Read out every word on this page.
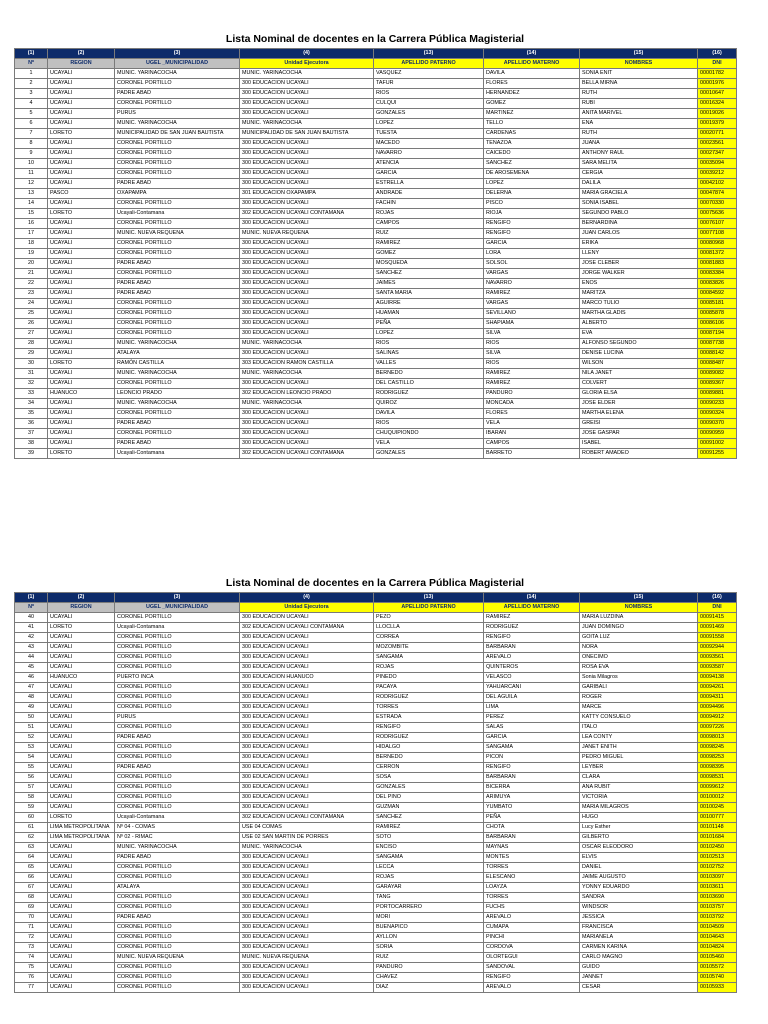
Lista Nominal de docentes en la Carrera Pública Magisterial
(1)	(2)	(3)	(4)	(13)	(14)	(15)	(16)
Nº	REGION	UGEL _MUNICIPALIDAD	Unidad Ejecutora	APELLIDO PATERNO	APELLIDO MATERNO	NOMBRES	DNI
1	UCAYALI	MUNIC. YARINACOCHA	MUNIC. YARINACOCHA	VASQUEZ	DAVILA	SONIA ENIT	00001782
2	UCAYALI	CORONEL PORTILLO	300 EDUCACION UCAYALI	TAFUR	FLORES	BELLA MIRNA	00001976
3	UCAYALI	PADRE ABAD	300 EDUCACION UCAYALI	RIOS	HERNANDEZ	RUTH	00010647
4	UCAYALI	CORONEL PORTILLO	300 EDUCACION UCAYALI	CULQUI	GOMEZ	RUBI	00016324
5	UCAYALI	PURUS	300 EDUCACION UCAYALI	GONZALES	MARTINEZ	ANITA MARIVEL	00019026
6	UCAYALI	MUNIC. YARINACOCHA	MUNIC. YARINACOCHA	LOPEZ	TELLO	ENA	00019379
7	LORETO	MUNICIPALIDAD DE SAN JUAN BAUTISTA	MUNICIPALIDAD DE SAN JUAN BAUTISTA	TUESTA	CARDENAS	RUTH	00020771
8	UCAYALI	CORONEL PORTILLO	300 EDUCACION UCAYALI	MACEDO	TENAZOA	JUANA	00023561
9	UCAYALI	CORONEL PORTILLO	300 EDUCACION UCAYALI	NAVARRO	CAICEDO	ANTHONY RAUL	00027347
10	UCAYALI	CORONEL PORTILLO	300 EDUCACION UCAYALI	ATENCIA	SANCHEZ	SARA MELITA	00035094
11	UCAYALI	CORONEL PORTILLO	300 EDUCACION UCAYALI	GARCIA	DE AROSEMENA	CERGIA	00039212
12	UCAYALI	PADRE ABAD	300 EDUCACION UCAYALI	ESTRELLA	LOPEZ	DALILA	00042102
13	PASCO	OXAPAMPA	301 EDUCACION OXAPAMPA	ANDRADE	DELERNA	MARIA GRACIELA	00047874
14	UCAYALI	CORONEL PORTILLO	300 EDUCACION UCAYALI	FACHIN	PISCO	SONIA ISABEL	00070330
15	LORETO	Ucayali-Contamana	302 EDUCACION UCAYALI CONTAMANA	ROJAS	RIOJA	SEGUNDO PABLO	00075636
16	UCAYALI	CORONEL PORTILLO	300 EDUCACION UCAYALI	CAMPOS	RENGIFO	BERNARDINA	00076107
17	UCAYALI	MUNIC. NUEVA REQUENA	MUNIC. NUEVA REQUENA	RUIZ	RENGIFO	JUAN CARLOS	00077108
18	UCAYALI	CORONEL PORTILLO	300 EDUCACION UCAYALI	RAMIREZ	GARCIA	ERIKA	00080968
19	UCAYALI	CORONEL PORTILLO	300 EDUCACION UCAYALI	GOMEZ	LORA	LLENY	00081372
20	UCAYALI	PADRE ABAD	300 EDUCACION UCAYALI	MOSQUEDA	SOLSOL	JOSE CLEBER	00081883
21	UCAYALI	CORONEL PORTILLO	300 EDUCACION UCAYALI	SANCHEZ	VARGAS	JORGE WALKER	00083384
22	UCAYALI	PADRE ABAD	300 EDUCACION UCAYALI	JAIMES	NAVARRO	ENOS	00083826
23	UCAYALI	PADRE ABAD	300 EDUCACION UCAYALI	SANTA MARIA	RAMIREZ	MARITZA	00084592
24	UCAYALI	CORONEL PORTILLO	300 EDUCACION UCAYALI	AGUIRRE	VARGAS	MARCO TULIO	00085181
25	UCAYALI	CORONEL PORTILLO	300 EDUCACION UCAYALI	HUAMAN	SEVILLANO	MARTHA GLADIS	00085878
26	UCAYALI	CORONEL PORTILLO	300 EDUCACION UCAYALI	PEÑA	SHAPIAMA	ALBERTO	00086106
27	UCAYALI	CORONEL PORTILLO	300 EDUCACION UCAYALI	LOPEZ	SILVA	EVA	00087194
28	UCAYALI	MUNIC. YARINACOCHA	MUNIC. YARINACOCHA	RIOS	RIOS	ALFONSO SEGUNDO	00087738
29	UCAYALI	ATALAYA	300 EDUCACION UCAYALI	SALINAS	SILVA	DENISE LUCINA	00088142
30	LORETO	RAMÓN CASTILLA	303 EDUCACION RAMON CASTILLA	VALLES	RIOS	WILSON	00088487
31	UCAYALI	MUNIC. YARINACOCHA	MUNIC. YARINACOCHA	BERNEDO	RAMIREZ	NILA JANET	00089082
32	UCAYALI	CORONEL PORTILLO	300 EDUCACION UCAYALI	DEL CASTILLO	RAMIREZ	COLVERT	00089367
33	HUANUCO	LEONCIO PRADO	302 EDUCACION LEONCIO PRADO	RODRIGUEZ	PANDURO	GLORIA ELSA	00089881
34	UCAYALI	MUNIC. YARINACOCHA	MUNIC. YARINACOCHA	QUIROZ	MONCADA	JOSE ELDER	00090233
35	UCAYALI	CORONEL PORTILLO	300 EDUCACION UCAYALI	DAVILA	FLORES	MARTHA ELENA	00090324
36	UCAYALI	PADRE ABAD	300 EDUCACION UCAYALI	RIOS	VELA	GREISI	00090370
37	UCAYALI	CORONEL PORTILLO	300 EDUCACION UCAYALI	CHUQUIPIONDO	IBARAN	JOSE GASPAR	00090959
38	UCAYALI	PADRE ABAD	300 EDUCACION UCAYALI	VELA	CAMPOS	ISABEL	00091002
39	LORETO	Ucayali-Contamana	302 EDUCACION UCAYALI CONTAMANA	GONZALES	BARRETO	ROBERT AMADEO	00091255
Lista Nominal de docentes en la Carrera Pública Magisterial
(1)	(2)	(3)	(4)	(13)	(14)	(15)	(16)
Nº	REGION	UGEL _MUNICIPALIDAD	Unidad Ejecutora	APELLIDO PATERNO	APELLIDO MATERNO	NOMBRES	DNI
40	UCAYALI	CORONEL PORTILLO	300 EDUCACION UCAYALI	PEZO	RAMIREZ	MARIA LUZDINA	00091415
41	LORETO	Ucayali-Contamana	302 EDUCACION UCAYALI CONTAMANA	LLOCLLA	RODRIGUEZ	JUAN DOMINGO	00091469
42	UCAYALI	CORONEL PORTILLO	300 EDUCACION UCAYALI	CORREA	RENGIFO	GOITA LUZ	00091558
43	UCAYALI	CORONEL PORTILLO	300 EDUCACION UCAYALI	MOZOMBITE	BARBARAN	NORA	00092944
44	UCAYALI	CORONEL PORTILLO	300 EDUCACION UCAYALI	SANGAMA	AREVALO	ONECIMO	00093561
45	UCAYALI	CORONEL PORTILLO	300 EDUCACION UCAYALI	ROJAS	QUINTEROS	ROSA EVA	00093587
46	HUANUCO	PUERTO INCA	300 EDUCACION HUANUCO	PINEDO	VELASCO	Sonia Milagros	00094138
47	UCAYALI	CORONEL PORTILLO	300 EDUCACION UCAYALI	PACAYA	YAHUARCANI	GARIBALI	00094261
48	UCAYALI	CORONEL PORTILLO	300 EDUCACION UCAYALI	RODRIGUEZ	DEL AGUILA	ROGER	00094311
49	UCAYALI	CORONEL PORTILLO	300 EDUCACION UCAYALI	TORRES	LIMA	MARCE	00094496
50	UCAYALI	PURUS	300 EDUCACION UCAYALI	ESTRADA	PEREZ	KATTY CONSUELO	00094912
51	UCAYALI	CORONEL PORTILLO	300 EDUCACION UCAYALI	RENGIFO	SALAS	ITALO	00097226
52	UCAYALI	PADRE ABAD	300 EDUCACION UCAYALI	RODRIGUEZ	GARCIA	LEA CONTY	00098013
53	UCAYALI	CORONEL PORTILLO	300 EDUCACION UCAYALI	HIDALGO	SANGAMA	JANET ENITH	00098245
54	UCAYALI	CORONEL PORTILLO	300 EDUCACION UCAYALI	BERNEDO	PICON	PEDRO MIGUEL	00098253
55	UCAYALI	PADRE ABAD	300 EDUCACION UCAYALI	CERRON	RENGIFO	LEYBER	00098395
56	UCAYALI	CORONEL PORTILLO	300 EDUCACION UCAYALI	SOSA	BARBARAN	CLARA	00098531
57	UCAYALI	CORONEL PORTILLO	300 EDUCACION UCAYALI	GONZALES	BICERRA	ANA RUBIT	00099612
58	UCAYALI	CORONEL PORTILLO	300 EDUCACION UCAYALI	DEL PINO	ARIMUYA	VICTORIA	00100012
59	UCAYALI	CORONEL PORTILLO	300 EDUCACION UCAYALI	GUZMAN	YUMBATO	MARIA MILAGROS	00100245
60	LORETO	Ucayali-Contamana	302 EDUCACION UCAYALI CONTAMANA	SANCHEZ	PEÑA	HUGO	00100777
61	LIMA METROPOLITANA	Nº 04 - COMAS	USE 04 COMAS	RAMIREZ	CHOTA	Lucy Esther	00101148
62	LIMA METROPOLITANA	Nº 02 - RIMAC	USE 02 SAN MARTIN DE PORRES	SOTO	BARBARAN	GILBERTO	00101684
63	UCAYALI	MUNIC. YARINACOCHA	MUNIC. YARINACOCHA	ENCISO	MAYNAS	OSCAR ELEODORO	00102450
64	UCAYALI	PADRE ABAD	300 EDUCACION UCAYALI	SANGAMA	MONTES	ELVIS	00102513
65	UCAYALI	CORONEL PORTILLO	300 EDUCACION UCAYALI	LECCA	TORRES	DANIEL	00102752
66	UCAYALI	CORONEL PORTILLO	300 EDUCACION UCAYALI	ROJAS	ELESCANO	JAIME AUGUSTO	00103097
67	UCAYALI	ATALAYA	300 EDUCACION UCAYALI	GARAYAR	LOAYZA	YONNY EDUARDO	00103611
68	UCAYALI	CORONEL PORTILLO	300 EDUCACION UCAYALI	TANG	TORRES	SANDRA	00103690
69	UCAYALI	CORONEL PORTILLO	300 EDUCACION UCAYALI	PORTOCARRERO	FUCHS	WINDSOR	00103757
70	UCAYALI	PADRE ABAD	300 EDUCACION UCAYALI	MORI	AREVALO	JESSICA	00103792
71	UCAYALI	CORONEL PORTILLO	300 EDUCACION UCAYALI	BUENAPICO	CUMAPA	FRANCISCA	00104509
72	UCAYALI	CORONEL PORTILLO	300 EDUCACION UCAYALI	AYLLON	PINCHI	MARIANELA	00104643
73	UCAYALI	CORONEL PORTILLO	300 EDUCACION UCAYALI	SORIA	CORDOVA	CARMEN KARINA	00104824
74	UCAYALI	MUNIC. NUEVA REQUENA	MUNIC. NUEVA REQUENA	RUIZ	OLORTEGUI	CARLO MAGNO	00105460
75	UCAYALI	CORONEL PORTILLO	300 EDUCACION UCAYALI	PANDURO	SANDOVAL	GUIDO	00105572
76	UCAYALI	CORONEL PORTILLO	300 EDUCACION UCAYALI	CHAVEZ	RENGIFO	JANNET	00105740
77	UCAYALI	CORONEL PORTILLO	300 EDUCACION UCAYALI	DIAZ	AREVALO	CESAR	00105933
